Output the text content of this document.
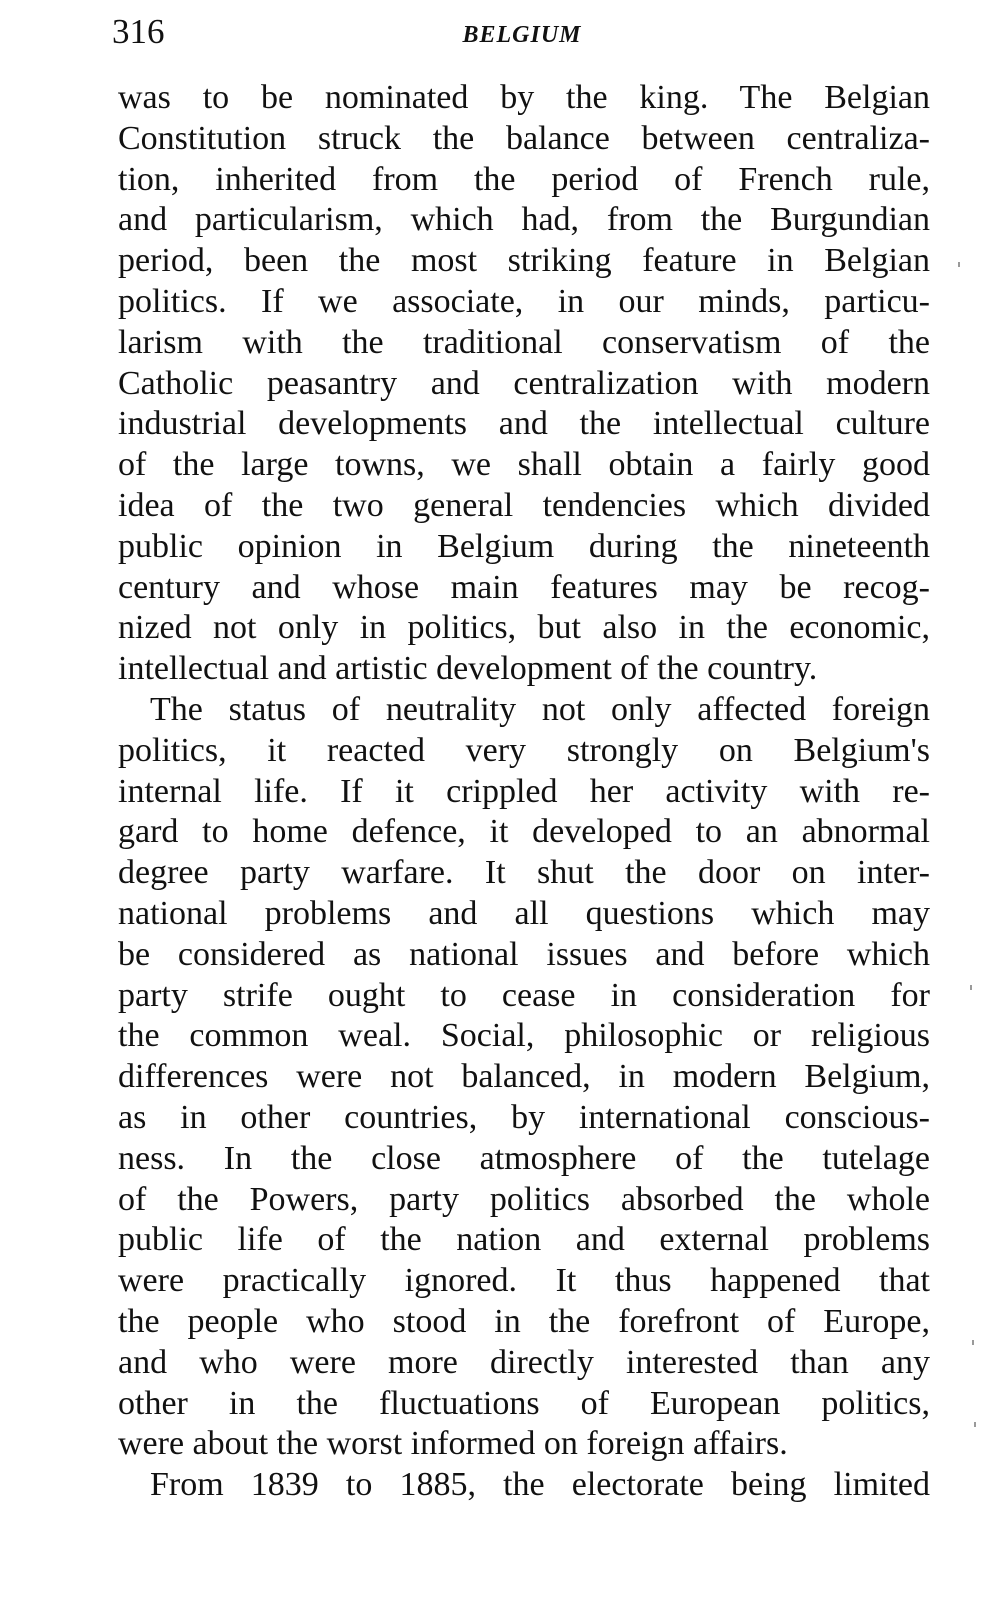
316	BELGIUM
was to be nominated by the king. The Belgian
Constitution struck the balance between centraliza-
tion, inherited from the period of French rule,
and particularism, which had, from the Burgundian
period, been the most striking feature in Belgian
politics. If we associate, in our minds, particu-
larism with the traditional conservatism of the
Catholic peasantry and centralization with modern
industrial developments and the intellectual culture
of the large towns, we shall obtain a fairly good
idea of the two general tendencies which divided
public opinion in Belgium during the nineteenth
century and whose main features may be recog-
nized not only in politics, but also in the economic,
intellectual and artistic development of the country.
The status of neutrality not only affected foreign
politics, it reacted very strongly on Belgium's
internal life. If it crippled her activity with re-
gard to home defence, it developed to an abnormal
degree party warfare. It shut the door on inter-
national problems and all questions which may
be considered as national issues and before which
party strife ought to cease in consideration for
the common weal. Social, philosophic or religious
differences were not balanced, in modern Belgium,
as in other countries, by international conscious-
ness. In the close atmosphere of the tutelage
of the Powers, party politics absorbed the whole
public life of the nation and external problems
were practically ignored. It thus happened that
the people who stood in the forefront of Europe,
and who were more directly interested than any
other in the fluctuations of European politics,
were about the worst informed on foreign affairs.
From 1839 to 1885, the electorate being limited
